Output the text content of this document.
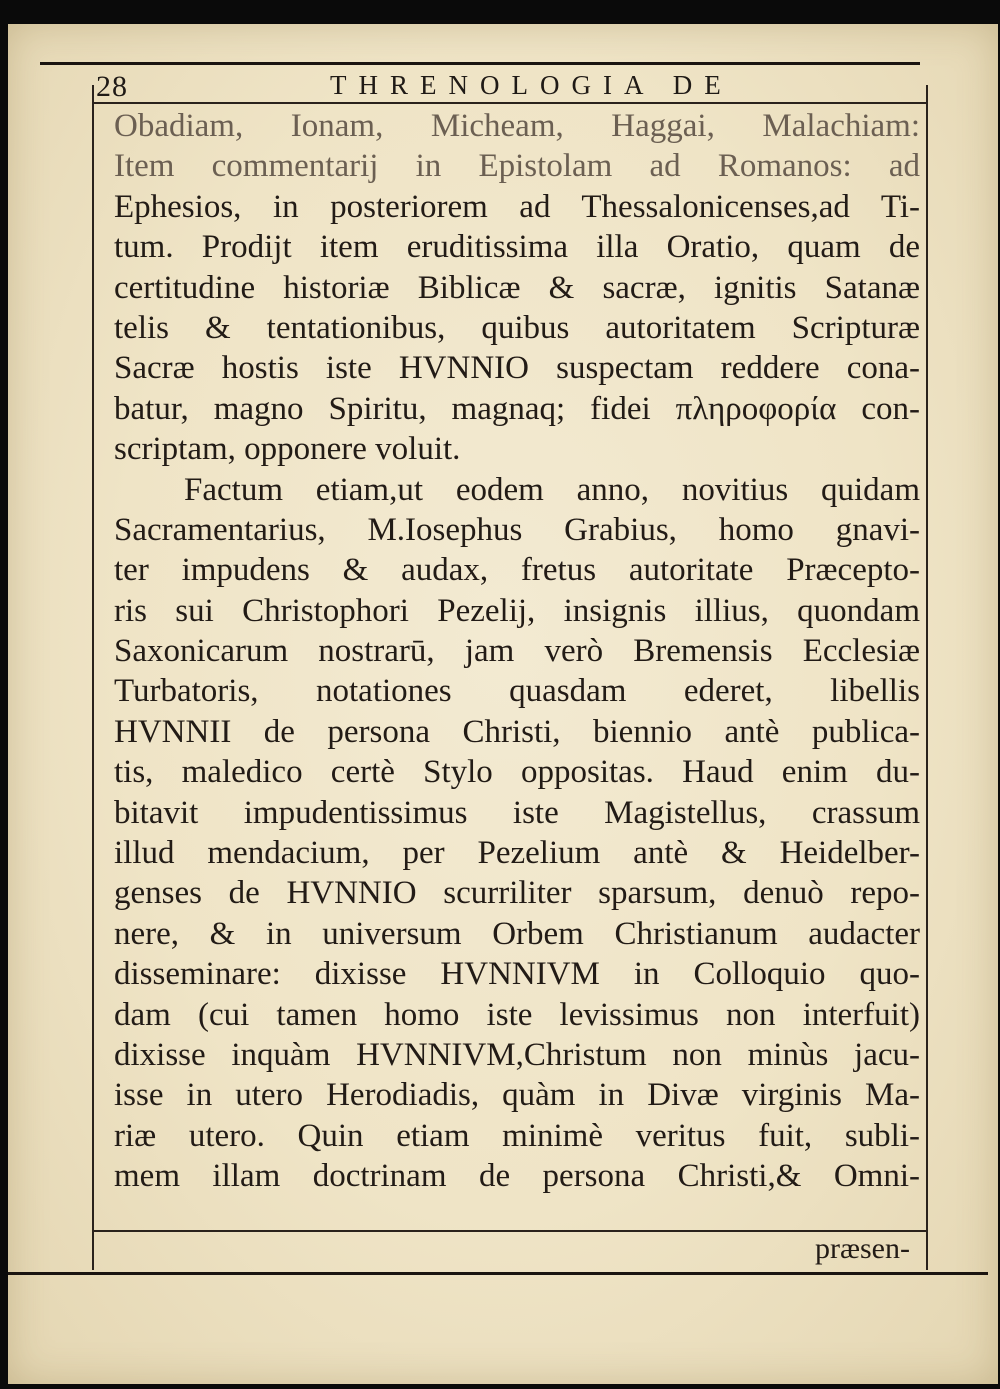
28	THRENOLOGIA DE
Obadiam, Ionam, Micheam, Haggai, Malachiam:
Item commentarij in Epistolam ad Romanos: ad
Ephesios, in posteriorem ad Thessalonicenses,ad Ti-
tum. Prodijt item eruditissima illa Oratio, quam de
certitudine historiæ Biblicæ & sacræ, ignitis Satanæ
telis & tentationibus, quibus autoritatem Scripturæ
Sacræ hostis iste HVNNIO suspectam reddere cona-
batur, magno Spiritu, magnaq; fidei πληροφορία con-
scriptam, opponere voluit.
Factum etiam,ut eodem anno, novitius quidam
Sacramentarius, M.Iosephus Grabius, homo gnavi-
ter impudens & audax, fretus autoritate Præcepto-
ris sui Christophori Pezelij, insignis illius, quondam
Saxonicarum nostrarū, jam verò Bremensis Ecclesiæ
Turbatoris, notationes quasdam ederet, libellis
HVNNII de persona Christi, biennio antè publica-
tis, maledico certè Stylo oppositas. Haud enim du-
bitavit impudentissimus iste Magistellus, crassum
illud mendacium, per Pezelium antè & Heidelber-
genses de HVNNIO scurriliter sparsum, denuò repo-
nere, & in universum Orbem Christianum audacter
disseminare: dixisse HVNNIVM in Colloquio quo-
dam (cui tamen homo iste levissimus non interfuit)
dixisse inquàm HVNNIVM,Christum non minùs jacu-
isse in utero Herodiadis, quàm in Divæ virginis Ma-
riæ utero. Quin etiam minimè veritus fuit, subli-
mem illam doctrinam de persona Christi,& Omni-
præsen-
